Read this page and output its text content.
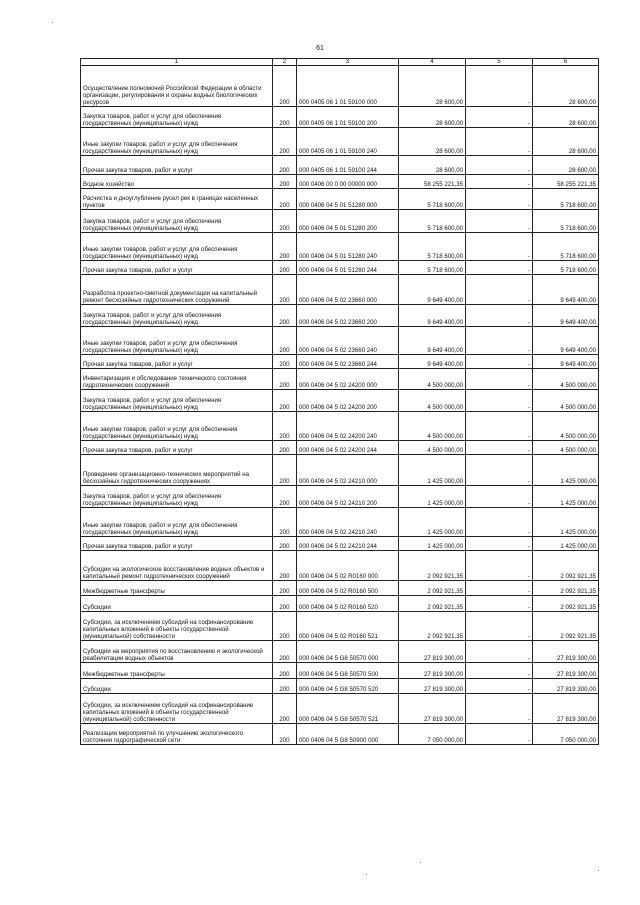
61
1	2	3	4	5	6
Осуществление полномочий Российской Федерации в области организации, регулирования и охраны водных биологических ресурсов	200	000 0405 06 1 01 59100 000	28 600,00	-	28 600,00
Закупка товаров, работ и услуг для обеспечения государственных (муниципальных) нужд	200	000 0405 06 1 01 59100 200	28 600,00	-	28 600,00
Иные закупки товаров, работ и услуг для обеспечения государственных (муниципальных) нужд	200	000 0405 06 1 01 59100 240	28 600,00	-	28 600,00
Прочая закупка товаров, работ и услуг	200	000 0405 06 1 01 59100 244	28 600,00	-	28 600,00
Водное хозяйство	200	000 0406 00 0 00 00000 000	58 255 221,35	-	58 255 221,35
Расчистка и дноуглубление русел рек в границах населенных пунктов	200	000 0406 04 5 01 51280 000	5 718 600,00	-	5 718 600,00
Закупка товаров, работ и услуг для обеспечения государственных (муниципальных) нужд	200	000 0406 04 5 01 51280 200	5 718 600,00	-	5 718 600,00
Иные закупки товаров, работ и услуг для обеспечения государственных (муниципальных) нужд	200	000 0406 04 5 01 51280 240	5 718 600,00	-	5 718 600,00
Прочая закупка товаров, работ и услуг	200	000 0406 04 5 01 51280 244	5 718 600,00	-	5 718 600,00
Разработка проектно-сметной документации на капитальный ремонт бесхозяйных гидротехнических сооружений	200	000 0406 04 5 02 23660 000	9 649 400,00	-	9 649 400,00
Закупка товаров, работ и услуг для обеспечения государственных (муниципальных) нужд	200	000 0406 04 5 02 23660 200	9 649 400,00	-	9 649 400,00
Иные закупки товаров, работ и услуг для обеспечения государственных (муниципальных) нужд	200	000 0406 04 5 02 23660 240	9 649 400,00	-	9 649 400,00
Прочая закупка товаров, работ и услуг	200	000 0406 04 5 02 23660 244	9 649 400,00	-	9 649 400,00
Инвентаризация и обследование технического состояния гидротехнических сооружений	200	000 0406 04 5 02 24200 000	4 500 000,00	-	4 500 000,00
Закупка товаров, работ и услуг для обеспечения государственных (муниципальных) нужд	200	000 0406 04 5 02 24200 200	4 500 000,00	-	4 500 000,00
Иные закупки товаров, работ и услуг для обеспечения государственных (муниципальных) нужд	200	000 0406 04 5 02 24200 240	4 500 000,00	-	4 500 000,00
Прочая закупка товаров, работ и услуг	200	000 0406 04 5 02 24200 244	4 500 000,00	-	4 500 000,00
Проведение организационно-технических мероприятий на бесхозяйных гидротехнических сооружениях	200	000 0406 04 5 02 24210 000	1 425 000,00	-	1 425 000,00
Закупка товаров, работ и услуг для обеспечения государственных (муниципальных) нужд	200	000 0406 04 5 02 24210 200	1 425 000,00	-	1 425 000,00
Иные закупки товаров, работ и услуг для обеспечения государственных (муниципальных) нужд	200	000 0406 04 5 02 24210 240	1 425 000,00	-	1 425 000,00
Прочая закупка товаров, работ и услуг	200	000 0406 04 5 02 24210 244	1 425 000,00	-	1 425 000,00
Субсидии на экологическое восстановление водных объектов и капитальный ремонт гидротехнических сооружений	200	000 0406 04 5 02 R0160 000	2 092 921,35	-	2 092 921,35
Межбюджетные трансферты	200	000 0406 04 5 02 R0160 500	2 092 921,35	-	2 092 921,35
Субсидии	200	000 0406 04 5 02 R0160 520	2 092 921,35	-	2 092 921,35
Субсидии, за исключением субсидий на софинансирование капитальных вложений в объекты государственной (муниципальной) собственности	200	000 0406 04 5 02 R0160 521	2 092 921,35	-	2 092 921,35
Субсидии на мероприятия по восстановлению и экологической реабилитации водных объектов	200	000 0406 04 5 G8 50570 000	27 819 300,00	-	27 819 300,00
Межбюджетные трансферты	200	000 0406 04 5 G8 50570 500	27 819 300,00	-	27 819 300,00
Субсидии	200	000 0406 04 5 G8 50570 520	27 819 300,00	-	27 819 300,00
Субсидии, за исключением субсидий на софинансирование капитальных вложений в объекты государственной (муниципальной) собственности	200	000 0406 04 5 G8 50570 521	27 819 300,00	-	27 819 300,00
Реализация мероприятий по улучшению экологического состояния гидрографической сети	200	000 0406 04 5 G8 50900 000	7 050 000,00	-	7 050 000,00
